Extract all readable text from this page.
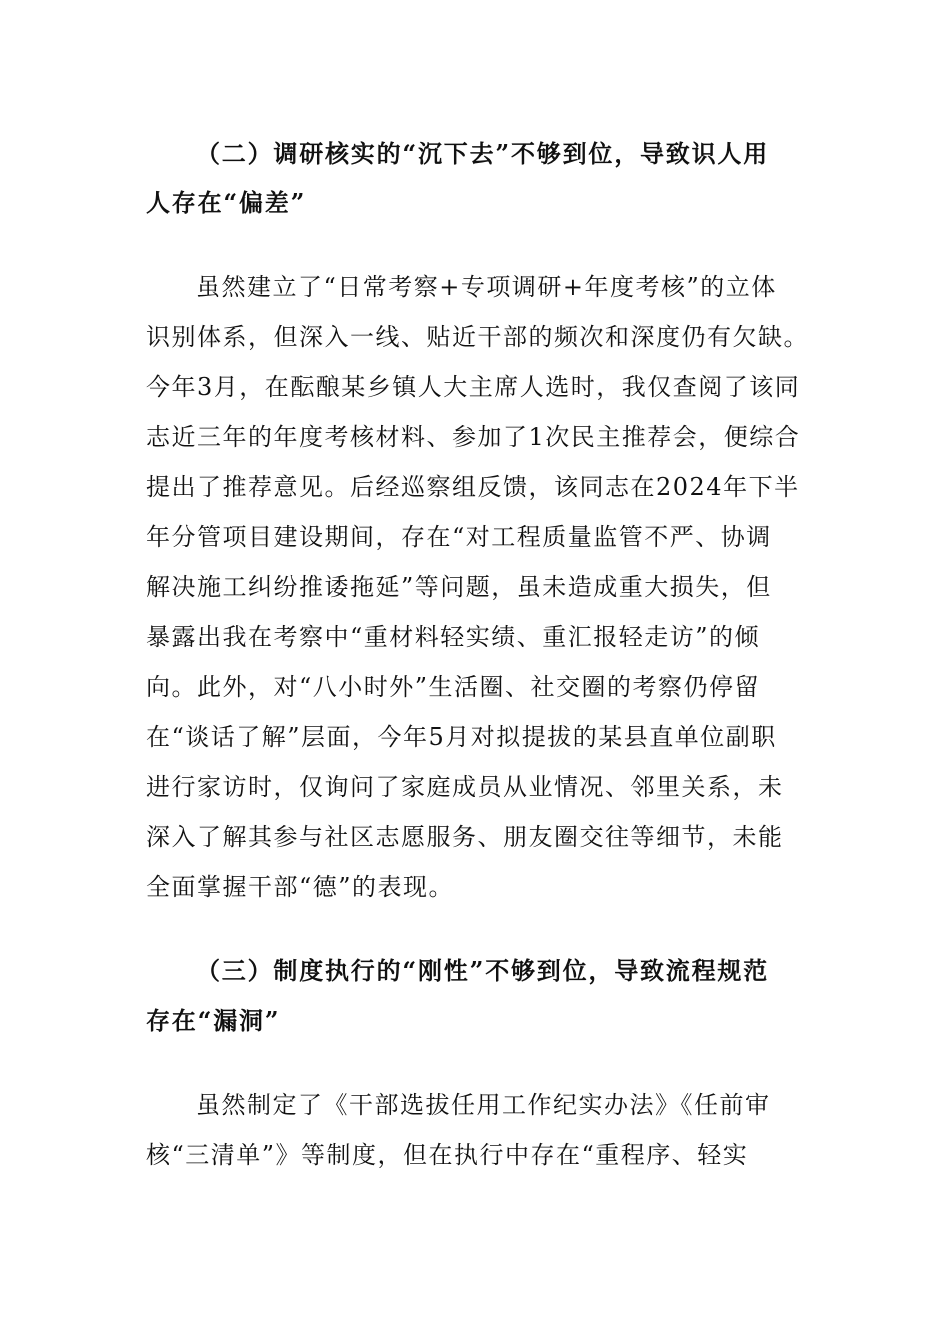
（二）调研核实的“沉下去”不够到位，导致识人用
人存在“偏差”
虽然建立了“日常考察+专项调研+年度考核”的立体
识别体系，但深入一线、贴近干部的频次和深度仍有欠缺。
今年3月，在酝酿某乡镇人大主席人选时，我仅查阅了该同
志近三年的年度考核材料、参加了1次民主推荐会，便综合
提出了推荐意见。后经巡察组反馈，该同志在2024年下半
年分管项目建设期间，存在“对工程质量监管不严、协调
解决施工纠纷推诿拖延”等问题，虽未造成重大损失，但
暴露出我在考察中“重材料轻实绩、重汇报轻走访”的倾
向。此外，对“八小时外”生活圈、社交圈的考察仍停留
在“谈话了解”层面，今年5月对拟提拔的某县直单位副职
进行家访时，仅询问了家庭成员从业情况、邻里关系，未
深入了解其参与社区志愿服务、朋友圈交往等细节，未能
全面掌握干部“德”的表现。
（三）制度执行的“刚性”不够到位，导致流程规范
存在“漏洞”
虽然制定了《干部选拔任用工作纪实办法》《任前审
核“三清单”》等制度，但在执行中存在“重程序、轻实
